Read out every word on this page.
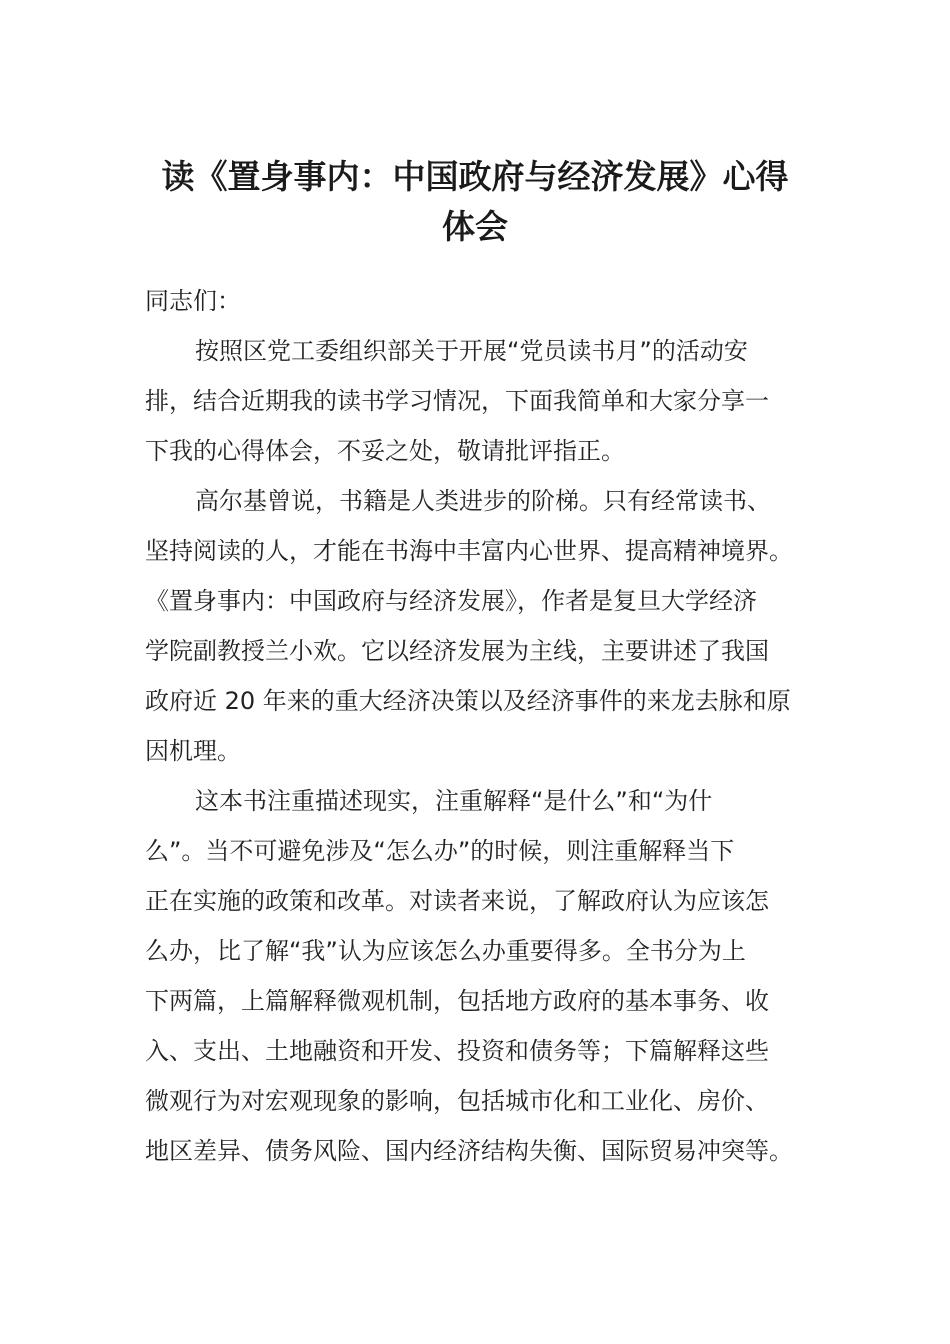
读《置身事内：中国政府与经济发展》心得
体会
同志们：
按照区党工委组织部关于开展“党员读书月”的活动安
排，结合近期我的读书学习情况，下面我简单和大家分享一
下我的心得体会，不妥之处，敬请批评指正。
高尔基曾说，书籍是人类进步的阶梯。只有经常读书、
坚持阅读的人，才能在书海中丰富内心世界、提高精神境界。
《置身事内：中国政府与经济发展》，作者是复旦大学经济
学院副教授兰小欢。它以经济发展为主线，主要讲述了我国
政府近 20 年来的重大经济决策以及经济事件的来龙去脉和原
因机理。
这本书注重描述现实，注重解释“是什么”和“为什
么”。当不可避免涉及“怎么办”的时候，则注重解释当下
正在实施的政策和改革。对读者来说，了解政府认为应该怎
么办，比了解“我”认为应该怎么办重要得多。全书分为上
下两篇，上篇解释微观机制，包括地方政府的基本事务、收
入、支出、土地融资和开发、投资和债务等；下篇解释这些
微观行为对宏观现象的影响，包括城市化和工业化、房价、
地区差异、债务风险、国内经济结构失衡、国际贸易冲突等。
